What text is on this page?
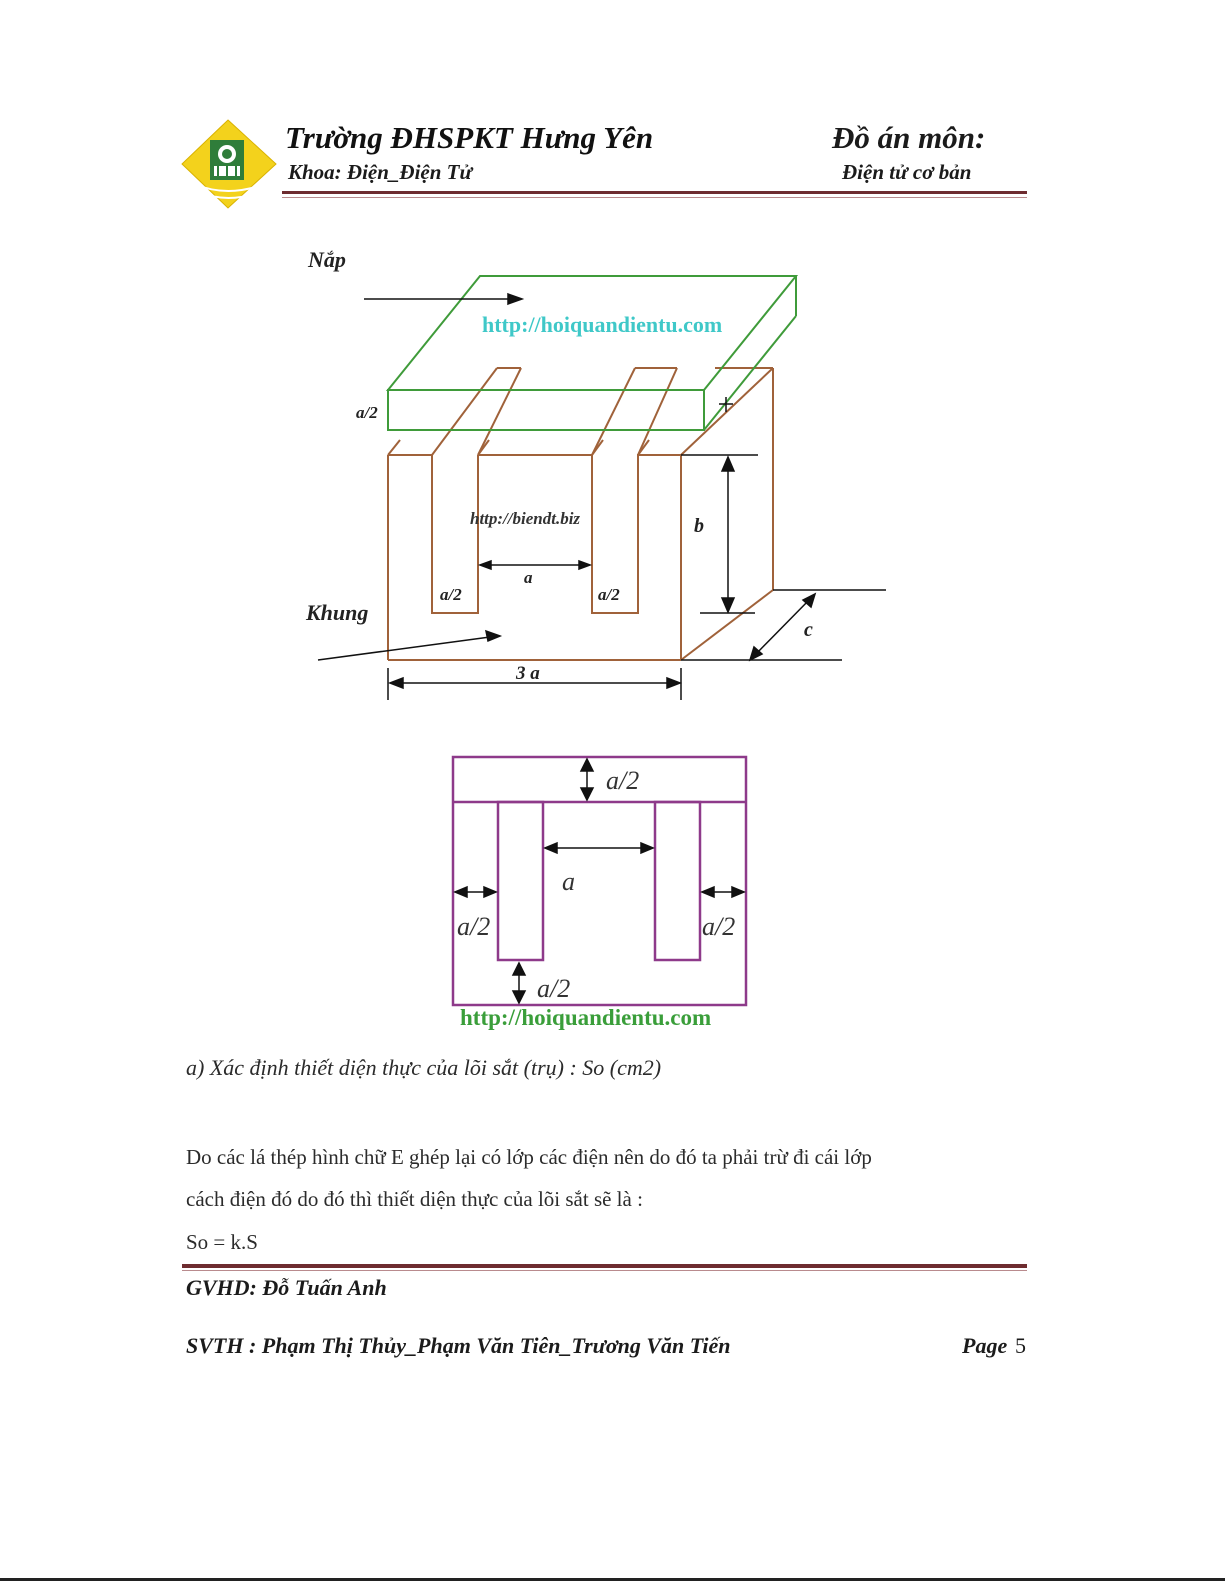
Trường ĐHSPKT Hưng Yên
Khoa: Điện_Điện Tử
Đồ án môn:
Điện tử cơ bản
Nắp
Khung
http://hoiquandientu.com
http://biendt.biz
a/2
b
a
a/2	a/2
3 a
c
a/2
a
a/2	a/2
a/2
http://hoiquandientu.com
a) Xác định thiết diện thực của lõi sắt (trụ) : So (cm2)
Do các lá thép hình chữ E ghép lại có lớp các điện nên do đó ta phải trừ đi cái lớp
cách điện đó do đó thì thiết diện thực của lõi sắt sẽ là :
So = k.S
GVHD: Đỗ Tuấn Anh
SVTH : Phạm Thị Thủy_Phạm Văn Tiên_Trương Văn Tiến	Page 5
